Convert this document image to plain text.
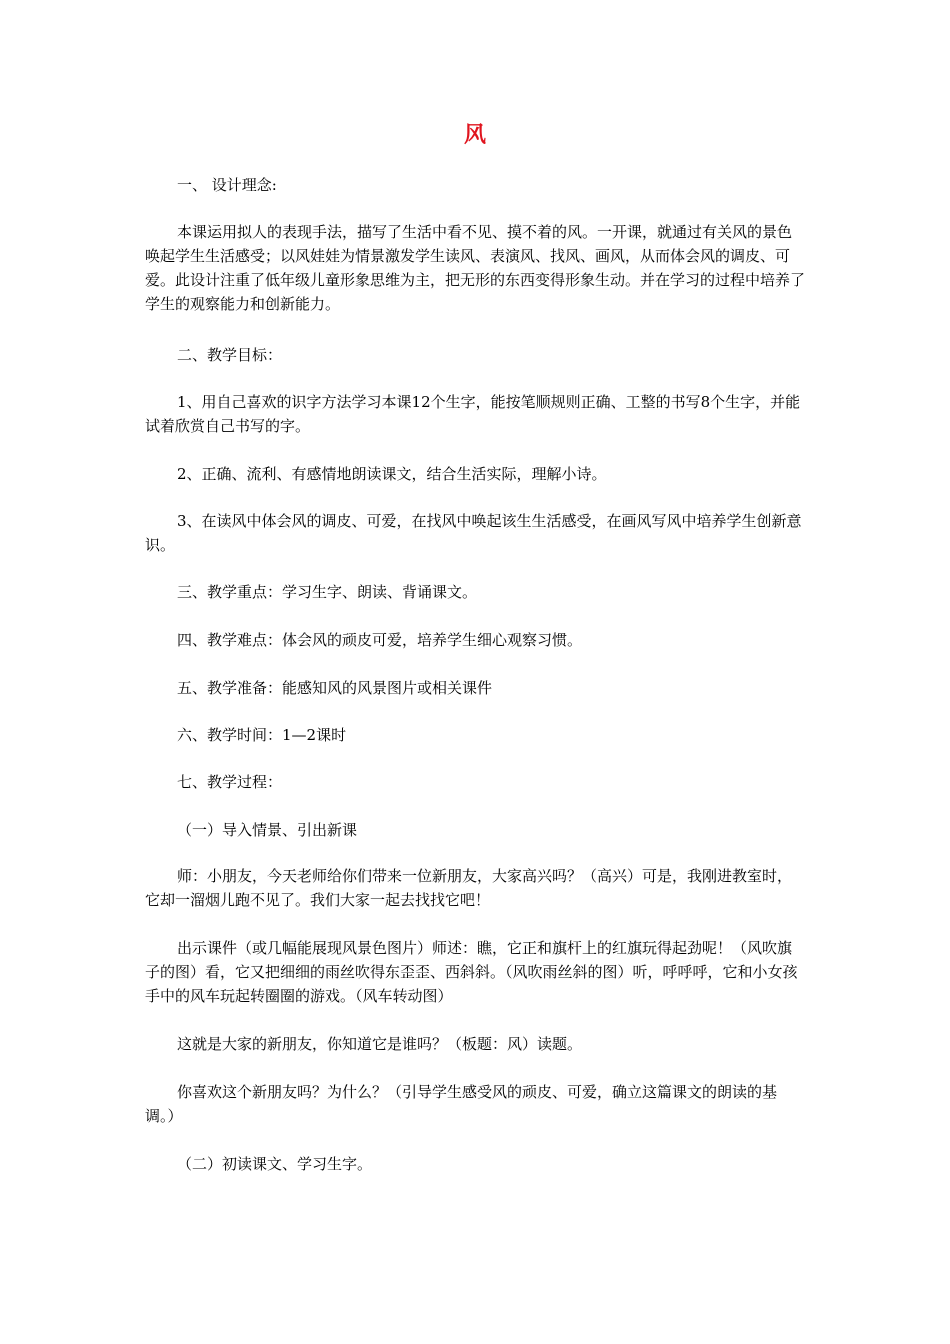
风
一、 设计理念:
本课运用拟人的表现手法，描写了生活中看不见、摸不着的风。一开课，就通过有关风的景色唤起学生生活感受；以风娃娃为情景激发学生读风、表演风、找风、画风，从而体会风的调皮、可爱。此设计注重了低年级儿童形象思维为主，把无形的东西变得形象生动。并在学习的过程中培养了学生的观察能力和创新能力。
二、教学目标：
1、用自己喜欢的识字方法学习本课12个生字，能按笔顺规则正确、工整的书写8个生字，并能试着欣赏自己书写的字。
2、正确、流利、有感情地朗读课文，结合生活实际，理解小诗。
3、在读风中体会风的调皮、可爱，在找风中唤起该生生活感受，在画风写风中培养学生创新意识。
三、教学重点：学习生字、朗读、背诵课文。
四、教学难点：体会风的顽皮可爱，培养学生细心观察习惯。
五、教学准备：能感知风的风景图片或相关课件
六、教学时间：1—2课时
七、教学过程：
（一）导入情景、引出新课
师：小朋友，今天老师给你们带来一位新朋友，大家高兴吗？（高兴）可是，我刚进教室时，它却一溜烟儿跑不见了。我们大家一起去找找它吧！
出示课件（或几幅能展现风景色图片）师述：瞧，它正和旗杆上的红旗玩得起劲呢！（风吹旗子的图）看，它又把细细的雨丝吹得东歪歪、西斜斜。（风吹雨丝斜的图）听，呼呼呼，它和小女孩手中的风车玩起转圈圈的游戏。（风车转动图）
这就是大家的新朋友，你知道它是谁吗？（板题：风）读题。
你喜欢这个新朋友吗？为什么？（引导学生感受风的顽皮、可爱，确立这篇课文的朗读的基调。）
（二）初读课文、学习生字。
